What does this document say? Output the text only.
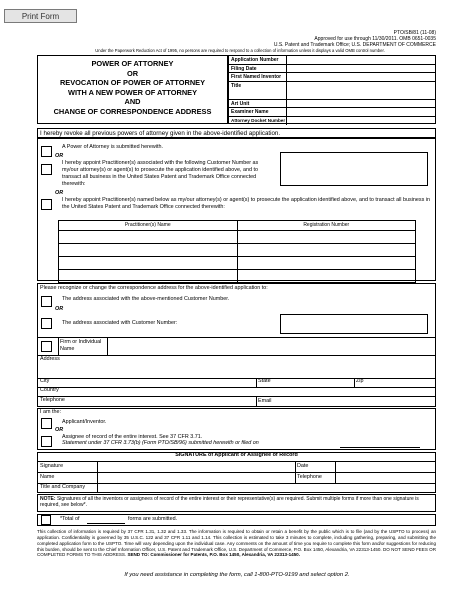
Print Form
PTO/SB/81 (11-08)
Approved for use through 11/30/2011. OMB 0651-0035
U.S. Patent and Trademark Office; U.S. DEPARTMENT OF COMMERCE
Under the Paperwork Reduction Act of 1995, no persons are required to respond to a collection of information unless it displays a valid OMB control number.
POWER OF ATTORNEY
OR
REVOCATION OF POWER OF ATTORNEY
WITH A NEW POWER OF ATTORNEY
AND
CHANGE OF CORRESPONDENCE ADDRESS
Application Number
Filing Date
First Named Inventor
Title
Art Unit
Examiner Name
Attorney Docket Number
I hereby revoke all previous powers of attorney given in the above-identified application.
A Power of Attorney is submitted herewith.
OR
I hereby appoint Practitioner(s) associated with the following Customer Number as my/our attorney(s) or agent(s) to prosecute the application identified above, and to transact all business in the United States Patent and Trademark Office connected therewith:
OR
I hereby appoint Practitioner(s) named below as my/our attorney(s) or agent(s) to prosecute the application identified above, and to transact all business in the United States Patent and Trademark Office connected therewith:
Practitioner(s) Name	Registration Number
Please recognize or change the correspondence address for the above-identified application to:
The address associated with the above-mentioned Customer Number.
OR
The address associated with Customer Number:
Firm or Individual Name
Address
City	State	Zip
Country
Telephone	Email
I am the:
Applicant/Inventor.
OR
Assignee of record of the entire interest. See 37 CFR 3.71.
Statement under 37 CFR 3.73(b) (Form PTO/SB/96) submitted herewith or filed on
SIGNATURE of Applicant or Assignee of Record
Signature	Date
Name	Telephone
Title and Company
NOTE: Signatures of all the inventors or assignees of record of the entire interest or their representative(s) are required. Submit multiple forms if more than one signature is required, see below*.
*Total of	forms are submitted.
This collection of information is required by 37 CFR 1.31, 1.32 and 1.33. The information is required to obtain or retain a benefit by the public which is to file (and by the USPTO to process) an application. Confidentiality is governed by 35 U.S.C. 122 and 37 CFR 1.11 and 1.14. This collection is estimated to take 3 minutes to complete, including gathering, preparing, and submitting the completed application form to the USPTO. Time will vary depending upon the individual case. Any comments on the amount of time you require to complete this form and/or suggestions for reducing this burden, should be sent to the Chief Information Officer, U.S. Patent and Trademark Office, U.S. Department of Commerce, P.O. Box 1450, Alexandria, VA 22313-1450. DO NOT SEND FEES OR COMPLETED FORMS TO THIS ADDRESS. SEND TO: Commissioner for Patents, P.O. Box 1450, Alexandria, VA 22313-1450.
If you need assistance in completing the form, call 1-800-PTO-9199 and select option 2.
